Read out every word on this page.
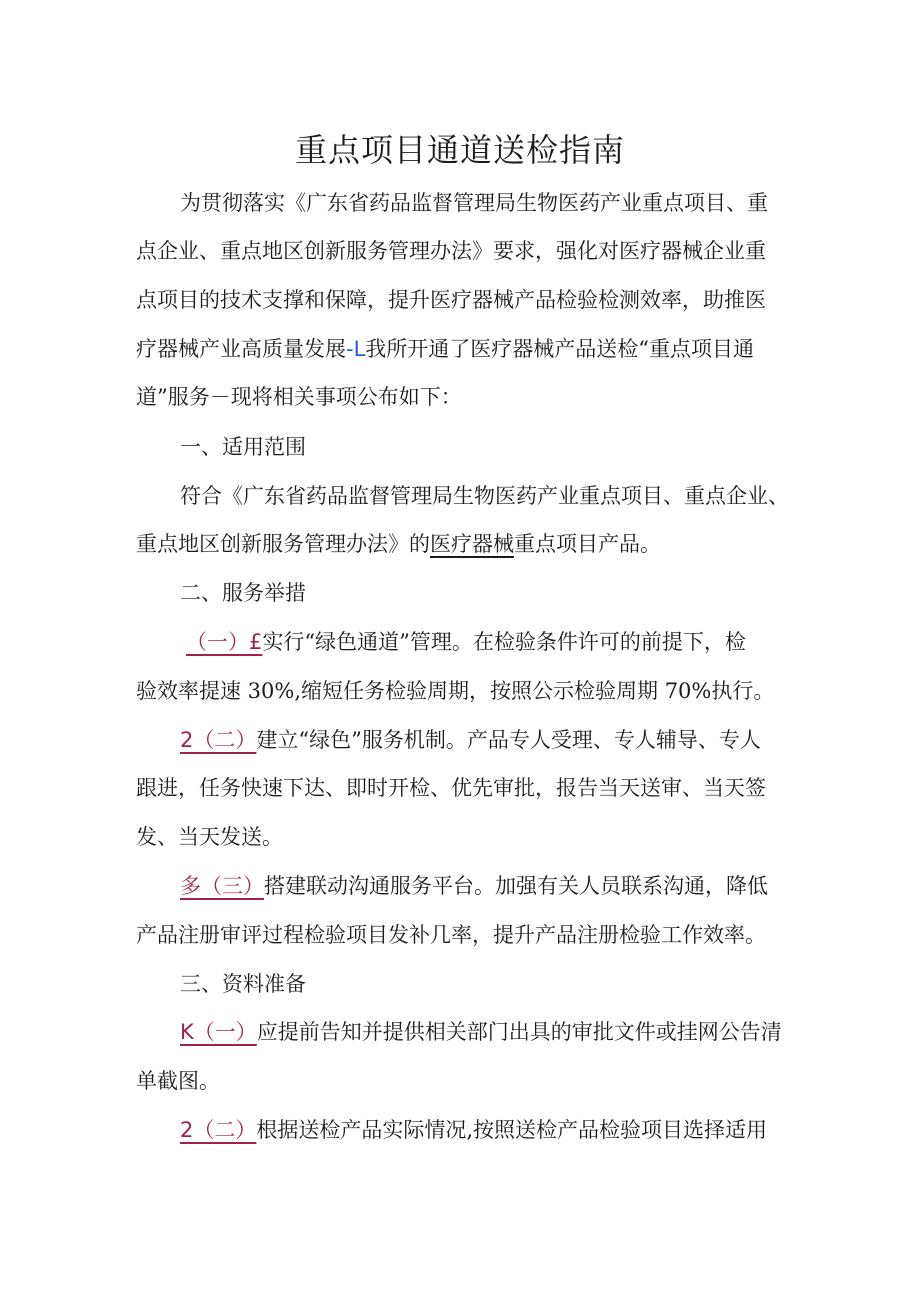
重点项目通道送检指南
为贯彻落实《广东省药品监督管理局生物医药产业重点项目、重
点企业、重点地区创新服务管理办法》要求，强化对医疗器械企业重
点项目的技术支撑和保障，提升医疗器械产品检验检测效率，助推医
疗器械产业高质量发展-L我所开通了医疗器械产品送检“重点项目通
道”服务－现将相关事项公布如下：
一、适用范围
符合《广东省药品监督管理局生物医药产业重点项目、重点企业、
重点地区创新服务管理办法》的医疗器械重点项目产品。
二、服务举措
（一）£实行“绿色通道”管理。在检验条件许可的前提下，检
验效率提速 30%,缩短任务检验周期，按照公示检验周期 70%执行。
2（二）建立“绿色”服务机制。产品专人受理、专人辅导、专人
跟进，任务快速下达、即时开检、优先审批，报告当天送审、当天签
发、当天发送。
多（三）搭建联动沟通服务平台。加强有关人员联系沟通，降低
产品注册审评过程检验项目发补几率，提升产品注册检验工作效率。
三、资料准备
K（一）应提前告知并提供相关部门出具的审批文件或挂网公告清
单截图。
2（二）根据送检产品实际情况,按照送检产品检验项目选择适用
